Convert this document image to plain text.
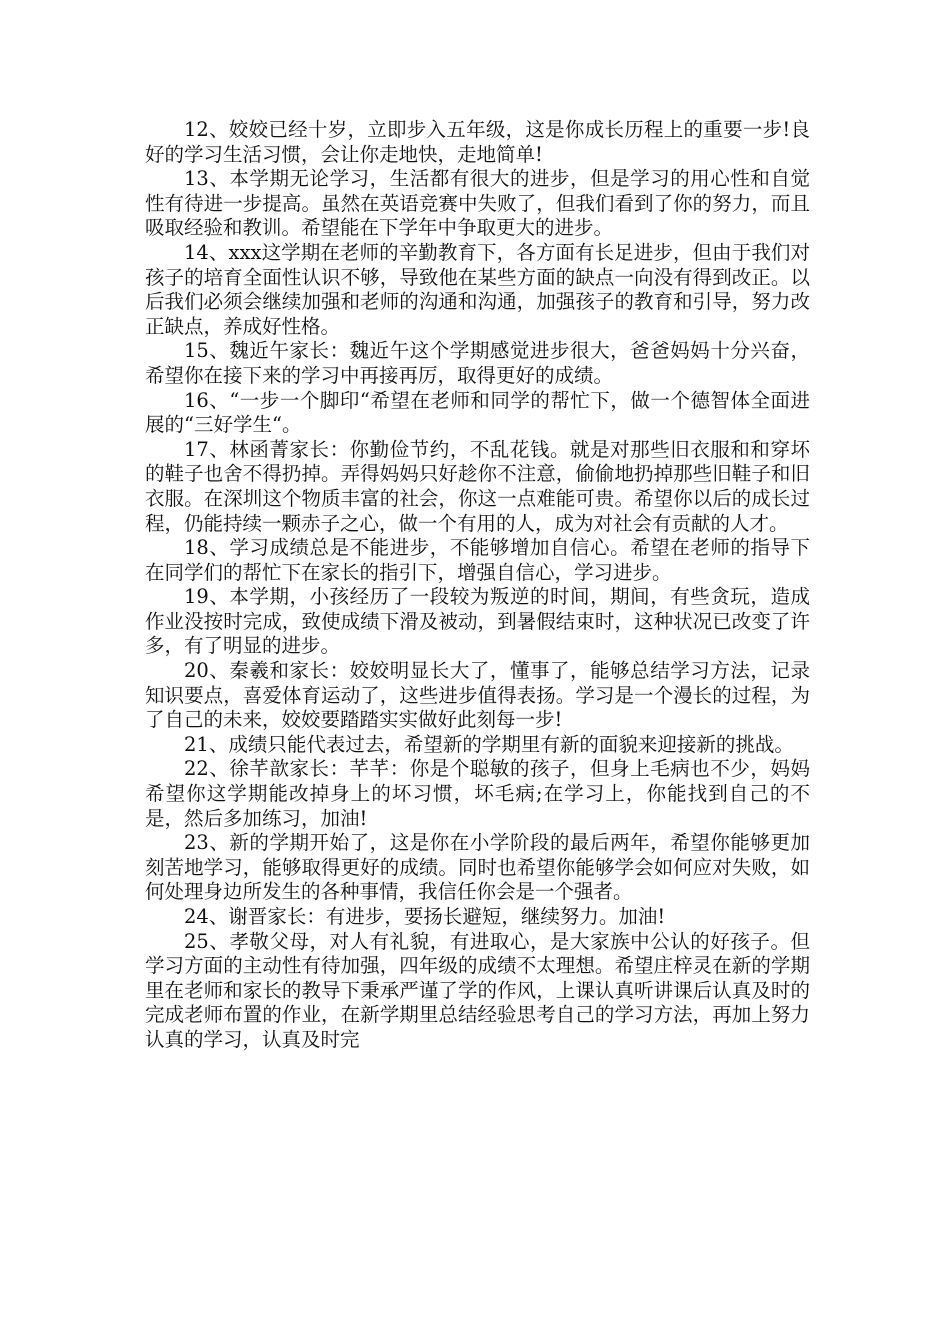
12、姣姣已经十岁，立即步入五年级，这是你成长历程上的重要一步!良好的学习生活习惯，会让你走地快，走地简单!

13、本学期无论学习，生活都有很大的进步，但是学习的用心性和自觉性有待进一步提高。虽然在英语竞赛中失败了，但我们看到了你的努力，而且吸取经验和教训。希望能在下学年中争取更大的进步。

14、xxx这学期在老师的辛勤教育下，各方面有长足进步，但由于我们对孩子的培育全面性认识不够，导致他在某些方面的缺点一向没有得到改正。以后我们必须会继续加强和老师的沟通和沟通，加强孩子的教育和引导，努力改正缺点，养成好性格。

15、魏近午家长：魏近午这个学期感觉进步很大，爸爸妈妈十分兴奋，希望你在接下来的学习中再接再厉，取得更好的成绩。

16、“一步一个脚印“希望在老师和同学的帮忙下，做一个德智体全面进展的“三好学生“。

17、林函菁家长：你勤俭节约，不乱花钱。就是对那些旧衣服和和穿坏的鞋子也舍不得扔掉。弄得妈妈只好趁你不注意，偷偷地扔掉那些旧鞋子和旧衣服。在深圳这个物质丰富的社会，你这一点难能可贵。希望你以后的成长过程，仍能持续一颗赤子之心，做一个有用的人，成为对社会有贡献的人才。

18、学习成绩总是不能进步，不能够增加自信心。希望在老师的指导下在同学们的帮忙下在家长的指引下，增强自信心，学习进步。

19、本学期，小孩经历了一段较为叛逆的时间，期间，有些贪玩，造成作业没按时完成，致使成绩下滑及被动，到暑假结束时，这种状况已改变了许多，有了明显的进步。

20、秦羲和家长：姣姣明显长大了，懂事了，能够总结学习方法，记录知识要点，喜爱体育运动了，这些进步值得表扬。学习是一个漫长的过程，为了自己的未来，姣姣要踏踏实实做好此刻每一步!

21、成绩只能代表过去，希望新的学期里有新的面貌来迎接新的挑战。

22、徐芊歆家长：芊芊：你是个聪敏的孩子，但身上毛病也不少，妈妈希望你这学期能改掉身上的坏习惯，坏毛病;在学习上，你能找到自己的不是，然后多加练习，加油!

23、新的学期开始了，这是你在小学阶段的最后两年，希望你能够更加刻苦地学习，能够取得更好的成绩。同时也希望你能够学会如何应对失败，如何处理身边所发生的各种事情，我信任你会是一个强者。

24、谢晋家长：有进步，要扬长避短，继续努力。加油!

25、孝敬父母，对人有礼貌，有进取心，是大家族中公认的好孩子。但学习方面的主动性有待加强，四年级的成绩不太理想。希望庄梓灵在新的学期里在老师和家长的教导下秉承严谨了学的作风，上课认真听讲课后认真及时的完成老师布置的作业，在新学期里总结经验思考自己的学习方法，再加上努力认真的学习，认真及时完
